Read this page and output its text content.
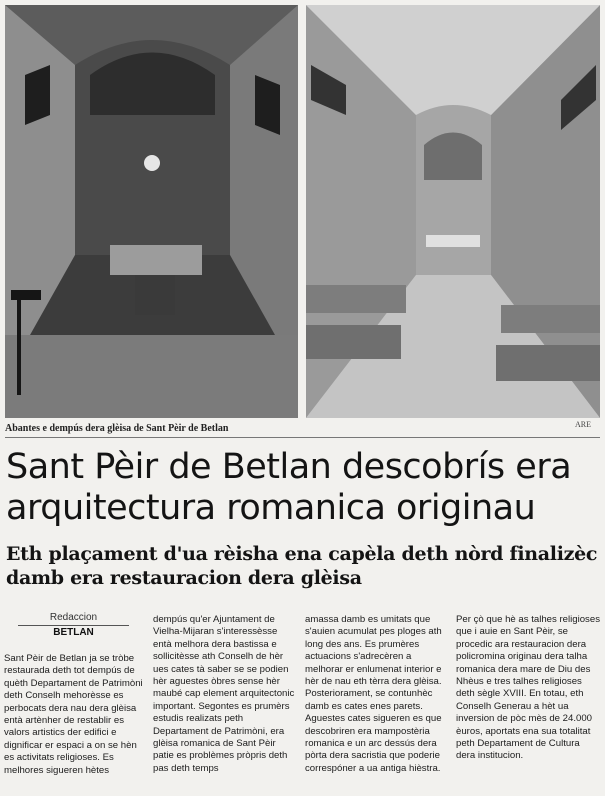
Abantes e dempús dera glèisa de Sant Pèir de Betlan	ARE
Sant Pèir de Betlan descobrís era arquitectura romanica originau
Eth plaçament d'ua rèisha ena capèla deth nòrd finalizèc damb era restauracion dera glèisa
Redaccion
BETLAN

Sant Pèir de Betlan ja se tròbe restaurada deth tot dempús de quèth Departament de Patrimòni deth Conselh mehorèsse es perbocats dera nau dera glèisa entà artènher de restablir es valors artistics der edifici e dignificar er espaci a on se hèn es activitats religioses. Es melhores sigueren hètes

dempús qu'er Ajuntament de Vielha-Mijaran s'interessèsse entà melhora dera bastissa e sollicitèsse ath Conselh de hèr ues cates tà saber se se podien hèr aguestes òbres sense hèr maubé cap element arquitectonic important. Segontes es prumèrs estudis realizats peth Departament de Patrimòni, era glèisa romanica de Sant Pèir patie es problèmes pròpris deth pas deth temps

amassa damb es umitats que s'auien acumulat pes ploges ath long des ans. Es prumères actuacions s'adrecèren a melhorar er enlumenat interior e hèr de nau eth tèrra dera glèisa. Posteriorament, se contunhèc damb es cates enes parets. Aguestes cates sigueren es que descobriren era mampostèria romanica e un arc dessús dera pòrta dera sacristia que poderie correspóner a ua antiga hièstra.

Per çò que hè as talhes religioses que i auie en Sant Pèir, se procedic ara restauracion dera policromina originau dera talha romanica dera mare de Diu des Nhèus e tres talhes religioses deth sègle XVIII. En totau, eth Conselh Generau a hèt ua inversion de pòc mès de 24.000 èuros, aportats ena sua totalitat peth Departament de Cultura dera institucion.
